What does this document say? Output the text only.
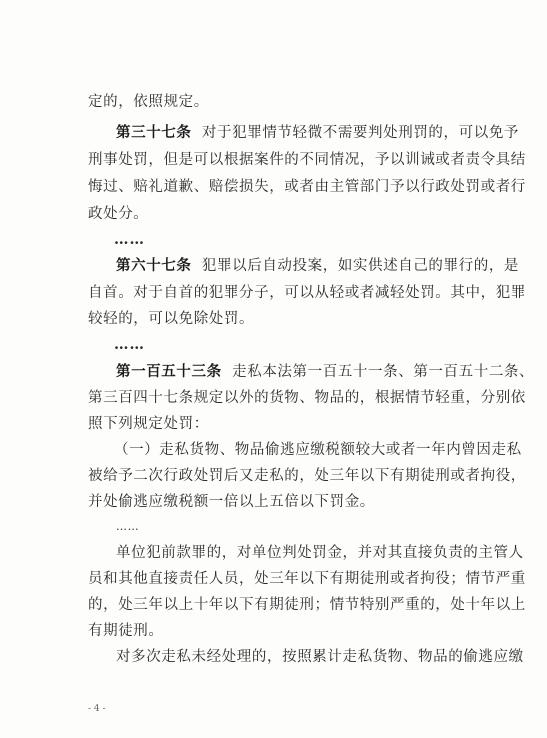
定的，依照规定。
第三十七条 对于犯罪情节轻微不需要判处刑罚的，可以免予
刑事处罚，但是可以根据案件的不同情况，予以训诫或者责令具结
悔过、赔礼道歉、赔偿损失，或者由主管部门予以行政处罚或者行
政处分。
……
第六十七条 犯罪以后自动投案，如实供述自己的罪行的，是
自首。对于自首的犯罪分子，可以从轻或者减轻处罚。其中，犯罪
较轻的，可以免除处罚。
……
第一百五十三条 走私本法第一百五十一条、第一百五十二条、
第三百四十七条规定以外的货物、物品的，根据情节轻重，分别依
照下列规定处罚：
（一）走私货物、物品偷逃应缴税额较大或者一年内曾因走私
被给予二次行政处罚后又走私的，处三年以下有期徒刑或者拘役，
并处偷逃应缴税额一倍以上五倍以下罚金。
……
单位犯前款罪的，对单位判处罚金，并对其直接负责的主管人
员和其他直接责任人员，处三年以下有期徒刑或者拘役；情节严重
的，处三年以上十年以下有期徒刑；情节特别严重的，处十年以上
有期徒刑。
对多次走私未经处理的，按照累计走私货物、物品的偷逃应缴
- 4 -
